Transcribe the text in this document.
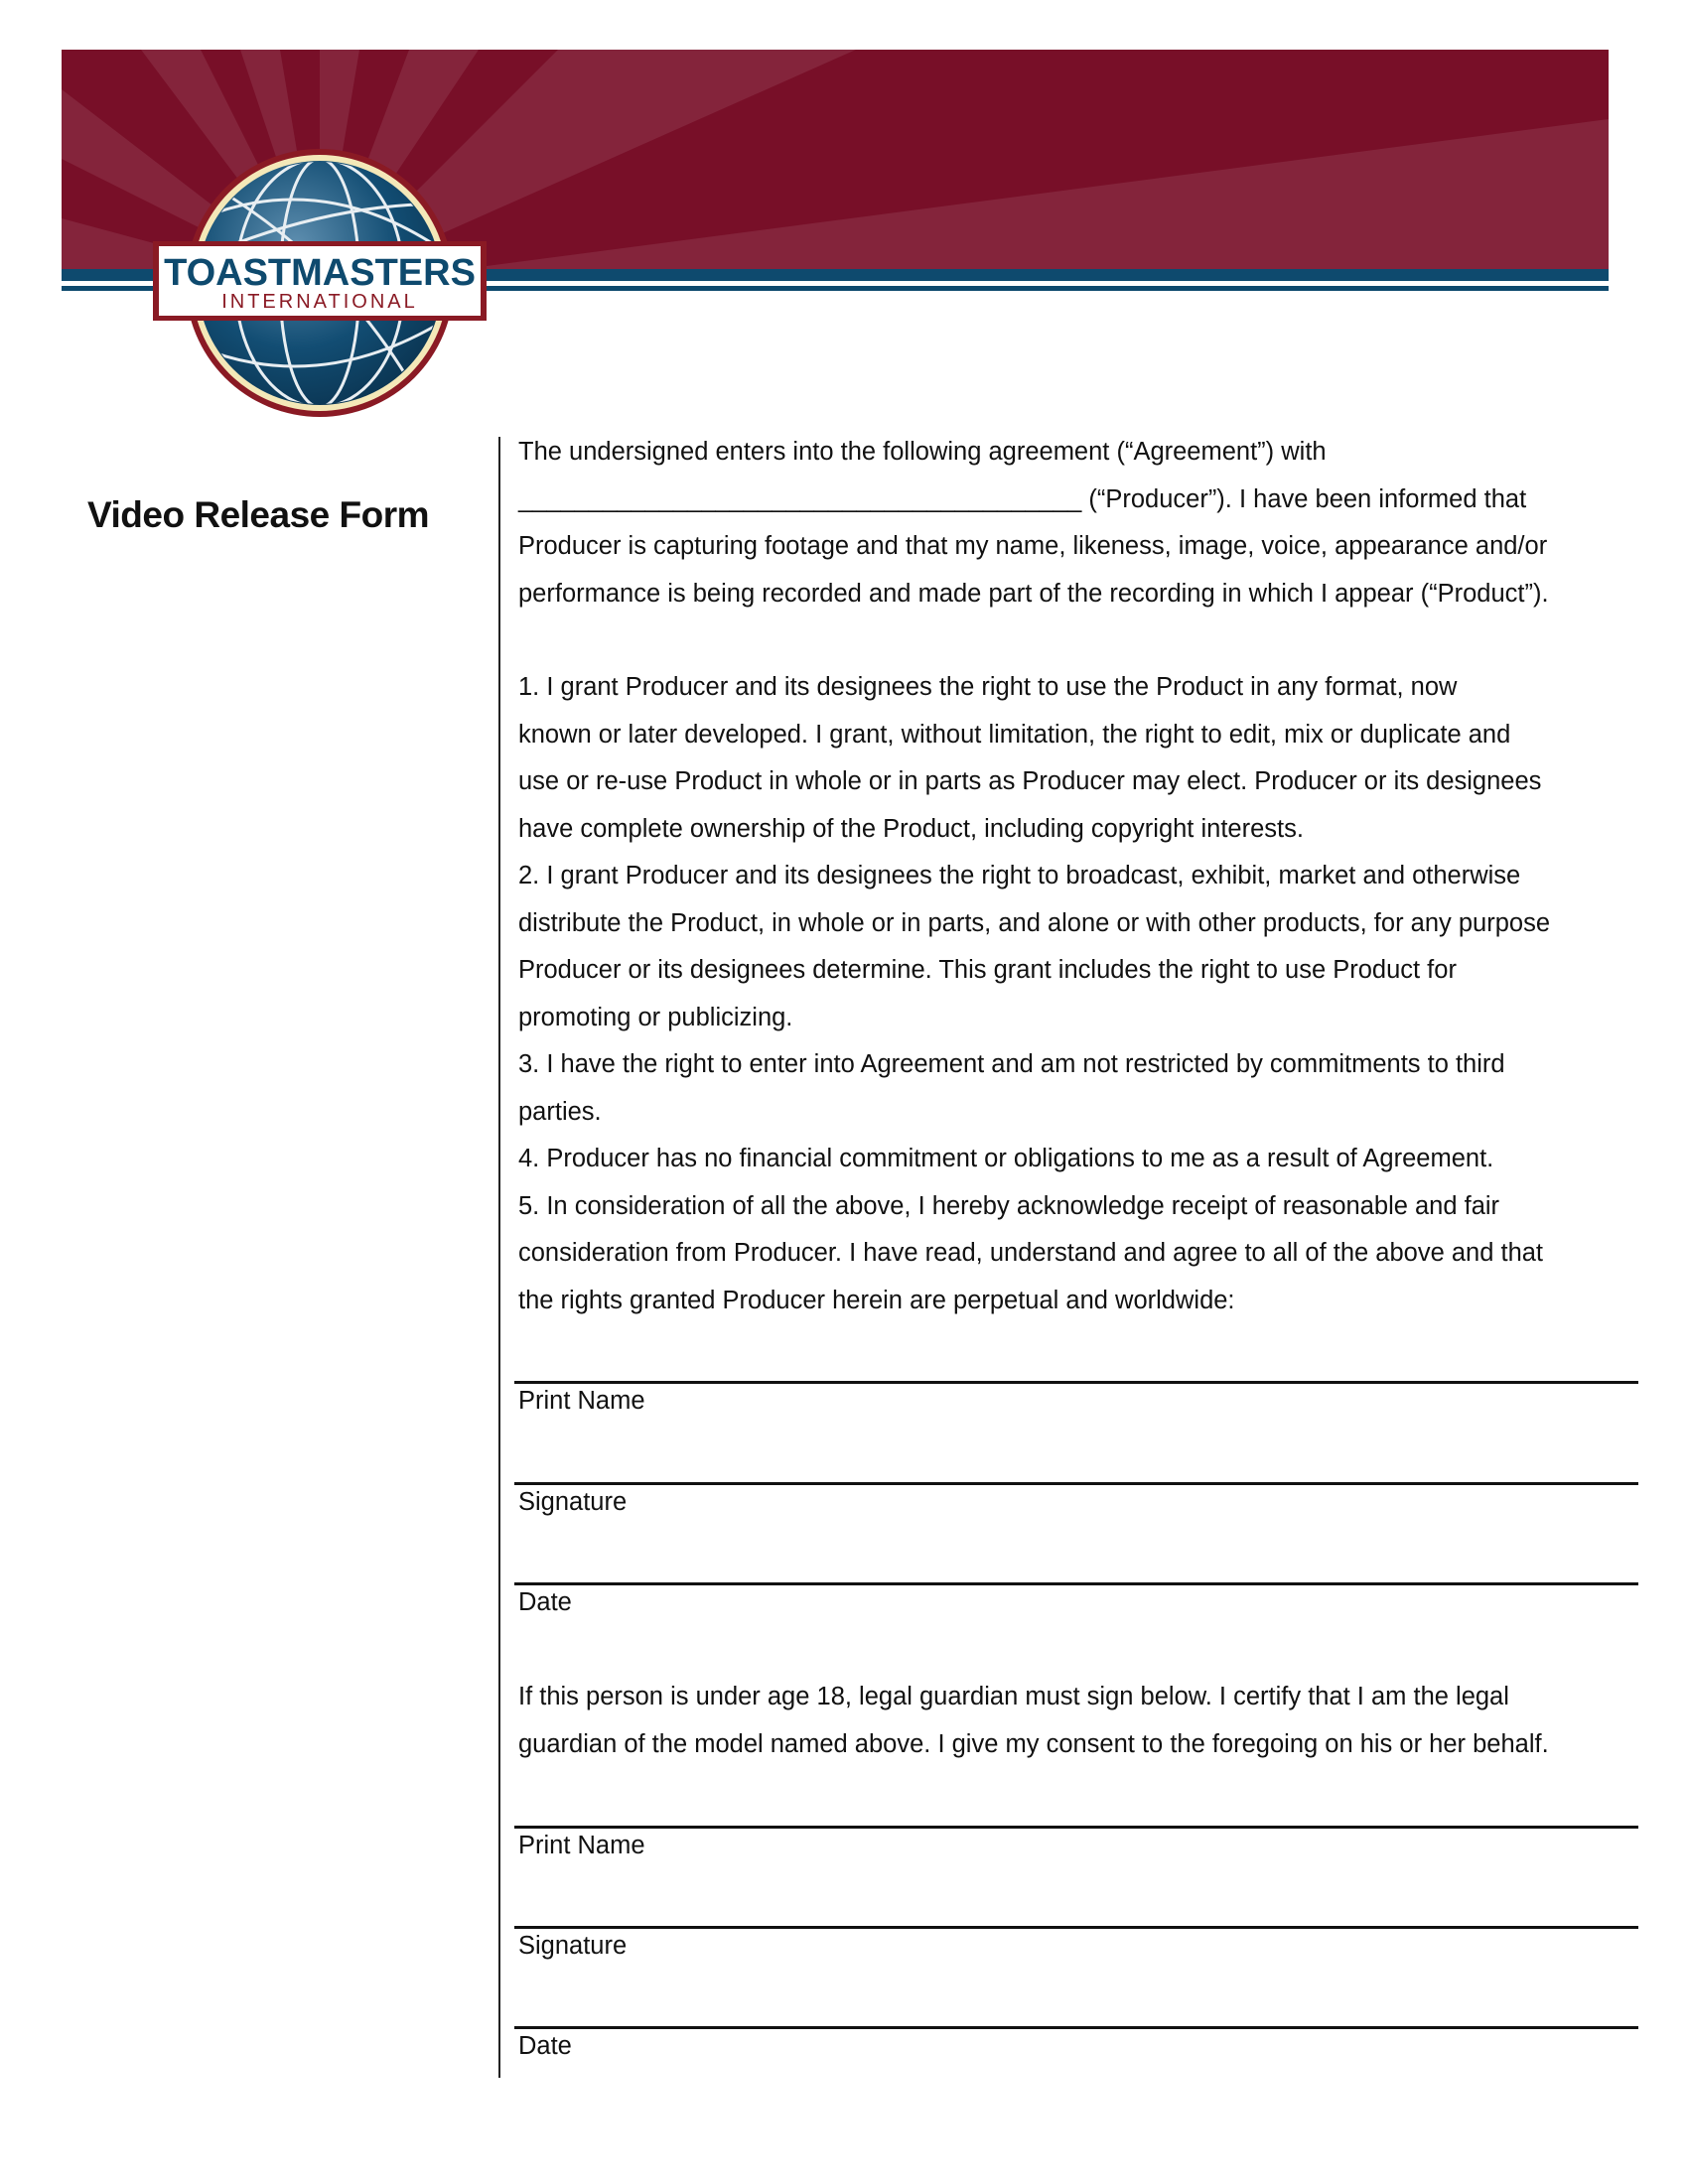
TOASTMASTERS
INTERNATIONAL
Video Release Form
The undersigned enters into the following agreement (“Agreement”) with
________________________________________ (“Producer”). I have been informed that
Producer is capturing footage and that my name, likeness, image, voice, appearance and/or
performance is being recorded and made part of the recording in which I appear (“Product”).
1. I grant Producer and its designees the right to use the Product in any format, now
known or later developed. I grant, without limitation, the right to edit, mix or duplicate and
use or re-use Product in whole or in parts as Producer may elect. Producer or its designees
have complete ownership of the Product, including copyright interests.
2. I grant Producer and its designees the right to broadcast, exhibit, market and otherwise
distribute the Product, in whole or in parts, and alone or with other products, for any purpose
Producer or its designees determine. This grant includes the right to use Product for
promoting or publicizing.
3. I have the right to enter into Agreement and am not restricted by commitments to third
parties.
4. Producer has no financial commitment or obligations to me as a result of Agreement.
5. In consideration of all the above, I hereby acknowledge receipt of reasonable and fair
consideration from Producer. I have read, understand and agree to all of the above and that
the rights granted Producer herein are perpetual and worldwide:
Print Name
Signature
Date
If this person is under age 18, legal guardian must sign below. I certify that I am the legal
guardian of the model named above. I give my consent to the foregoing on his or her behalf.
Print Name
Signature
Date
